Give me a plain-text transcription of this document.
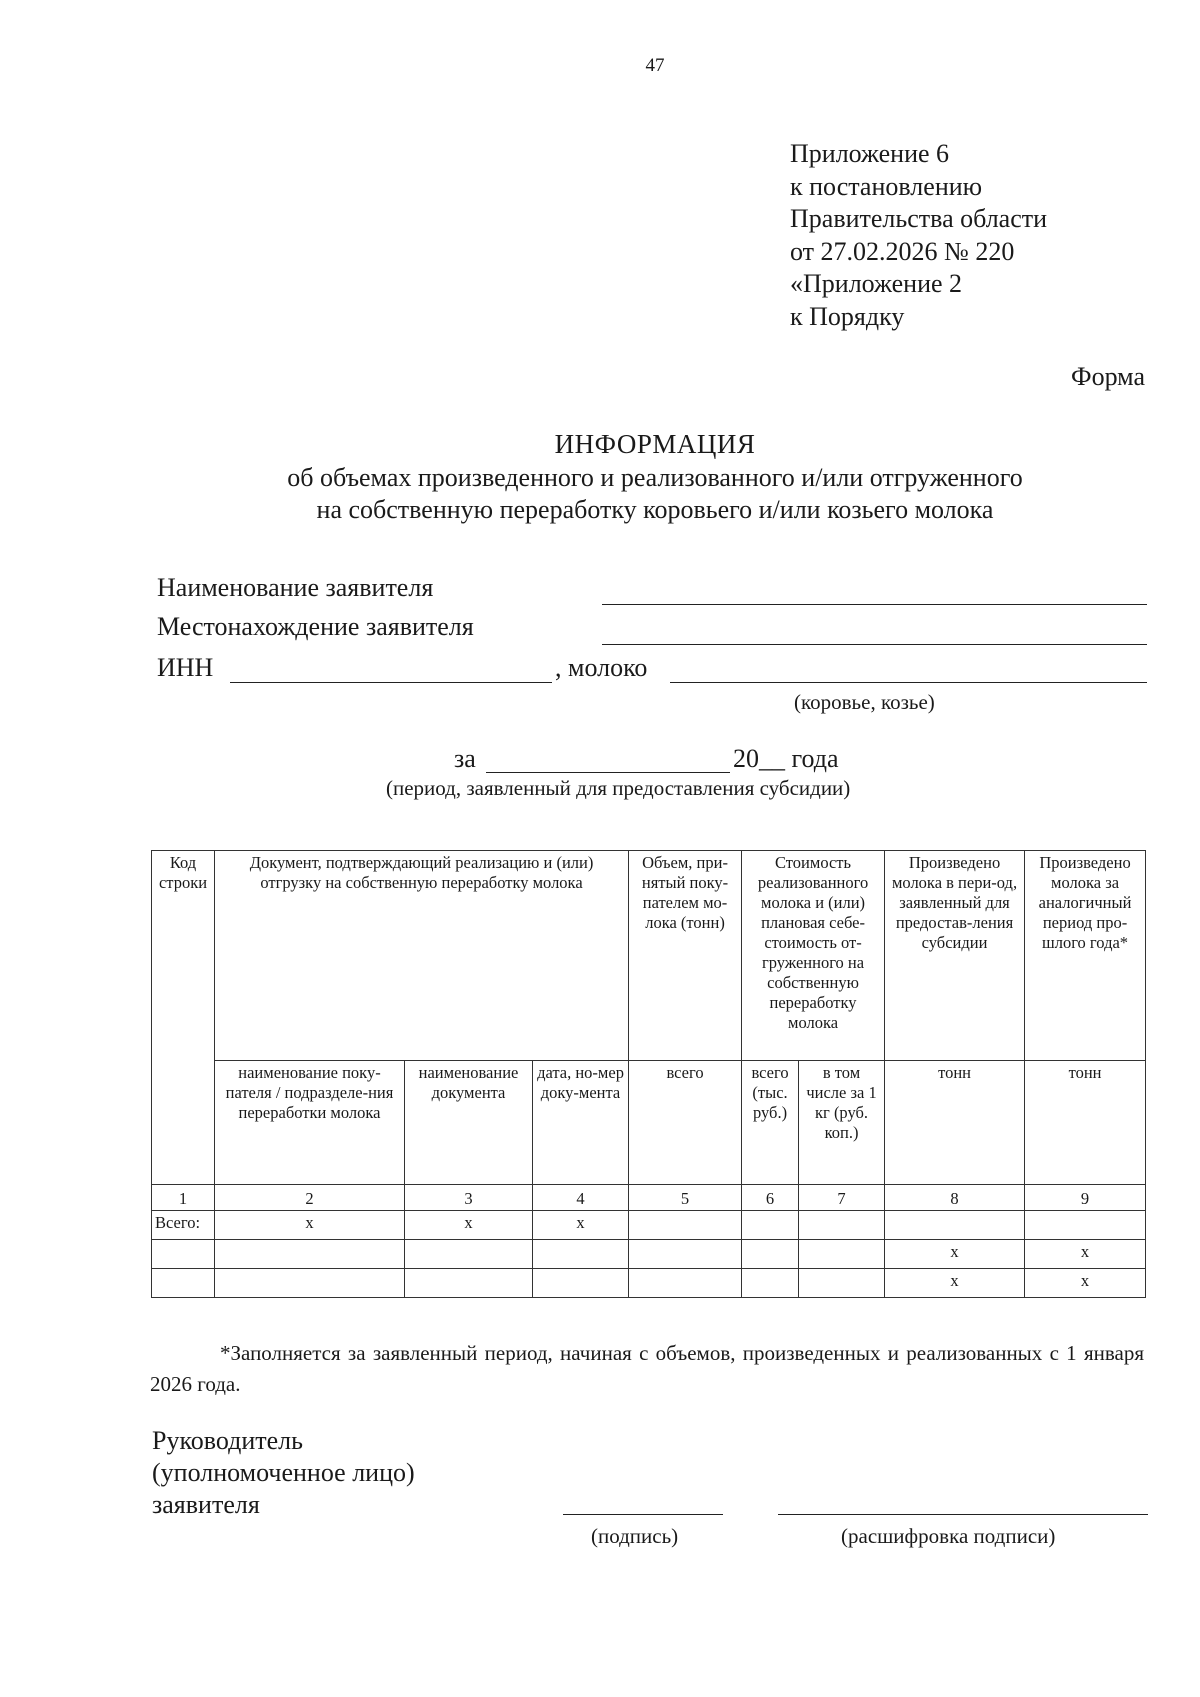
47
Приложение 6
к постановлению
Правительства области
от 27.02.2026 № 220
«Приложение 2
к Порядку
Форма
ИНФОРМАЦИЯ
об объемах произведенного и реализованного и/или отгруженного
на собственную переработку коровьего и/или козьего молока
Наименование заявителя
Местонахождение заявителя
ИНН	, молоко
(коровье, козье)
за	20__ года
(период, заявленный для предоставления субсидии)
Код строки	Документ, подтверждающий реализацию и (или) отгрузку на собственную переработку молока			Объем, при-нятый поку-пателем мо-лока (тонн)	Стоимость реализованного молока и (или) плановая себе-стоимость от-груженного на собственную переработку молока		Произведено молока в пери-од, заявленный для предостав-ления субсидии	Произведено молока за аналогичный период про-шлого года*
	наименование поку-пателя / подразделе-ния переработки молока	наименование документа	дата, но-мер доку-мента	всего	всего (тыс. руб.)	в том числе за 1 кг (руб. коп.)	тонн	тонн
1	2	3	4	5	6	7	8	9
Всего:	х	х	х					
							х	х
							х	х
*Заполняется за заявленный период, начиная с объемов, произведенных и реализованных с 1 января 2026 года.
Руководитель
(уполномоченное лицо)
заявителя
(подпись)	(расшифровка подписи)
